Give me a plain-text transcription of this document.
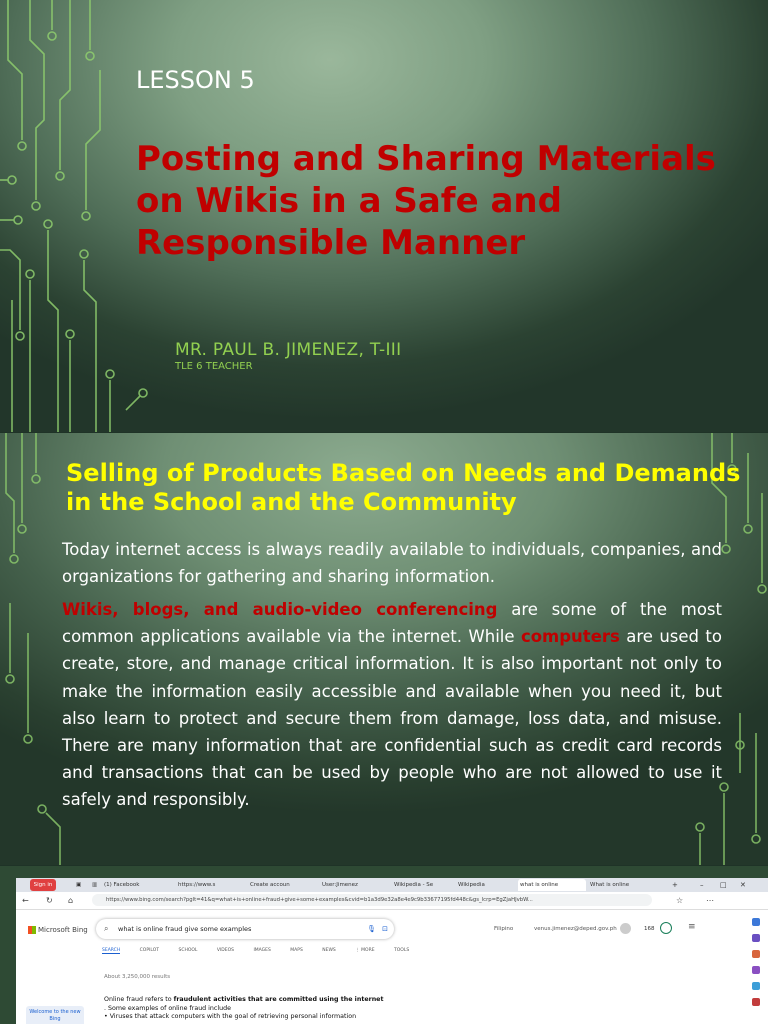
LESSON 5
Posting and Sharing Materials on Wikis in a Safe and Responsible Manner
MR. PAUL B. JIMENEZ, T-III
TLE 6 TEACHER
Selling of Products Based on Needs and Demands in the School and the Community
Today internet access is always readily available to individuals, companies, and organizations for gathering and sharing information.
Wikis, blogs, and audio-video conferencing are some of the most common applications available via the internet. While computers are used to create, store, and manage critical information. It is also important not only to make the information easily accessible and available when you need it, but also learn to protect and secure them from damage, loss data, and misuse. There are many information that are confidential such as credit card records and transactions that can be used by people who are not allowed to use it safely and responsibly.
Sign in	▣	▥	(1) Facebook	https://www.s	Create accoun	User:Jimenez	Wikipedia - Se	Wikipedia	what is online	What is online	+	– □ ✕
← ↻ ⌂	https://www.bing.com/search?pglt=41&q=what+is+online+fraud+give+some+examples&cvid=b1a3d9e32a8e4e9c9b33677195fd448c&gs_lcrp=EgZjaHJvbW...	☆	⋯
Microsoft Bing ⌕ what is online fraud give some examples	🎙︎ ⊡	Filipino	venus.jimenez@deped.gov.ph	168	≡
SEARCH	COPILOT	SCHOOL	VIDEOS	IMAGES	MAPS	NEWS	⋮ MORE	TOOLS
About 3,250,000 results
Welcome to the new Bing
Online fraud refers to fraudulent activities that are committed using the internet
. Some examples of online fraud include
• Viruses that attack computers with the goal of retrieving personal information
